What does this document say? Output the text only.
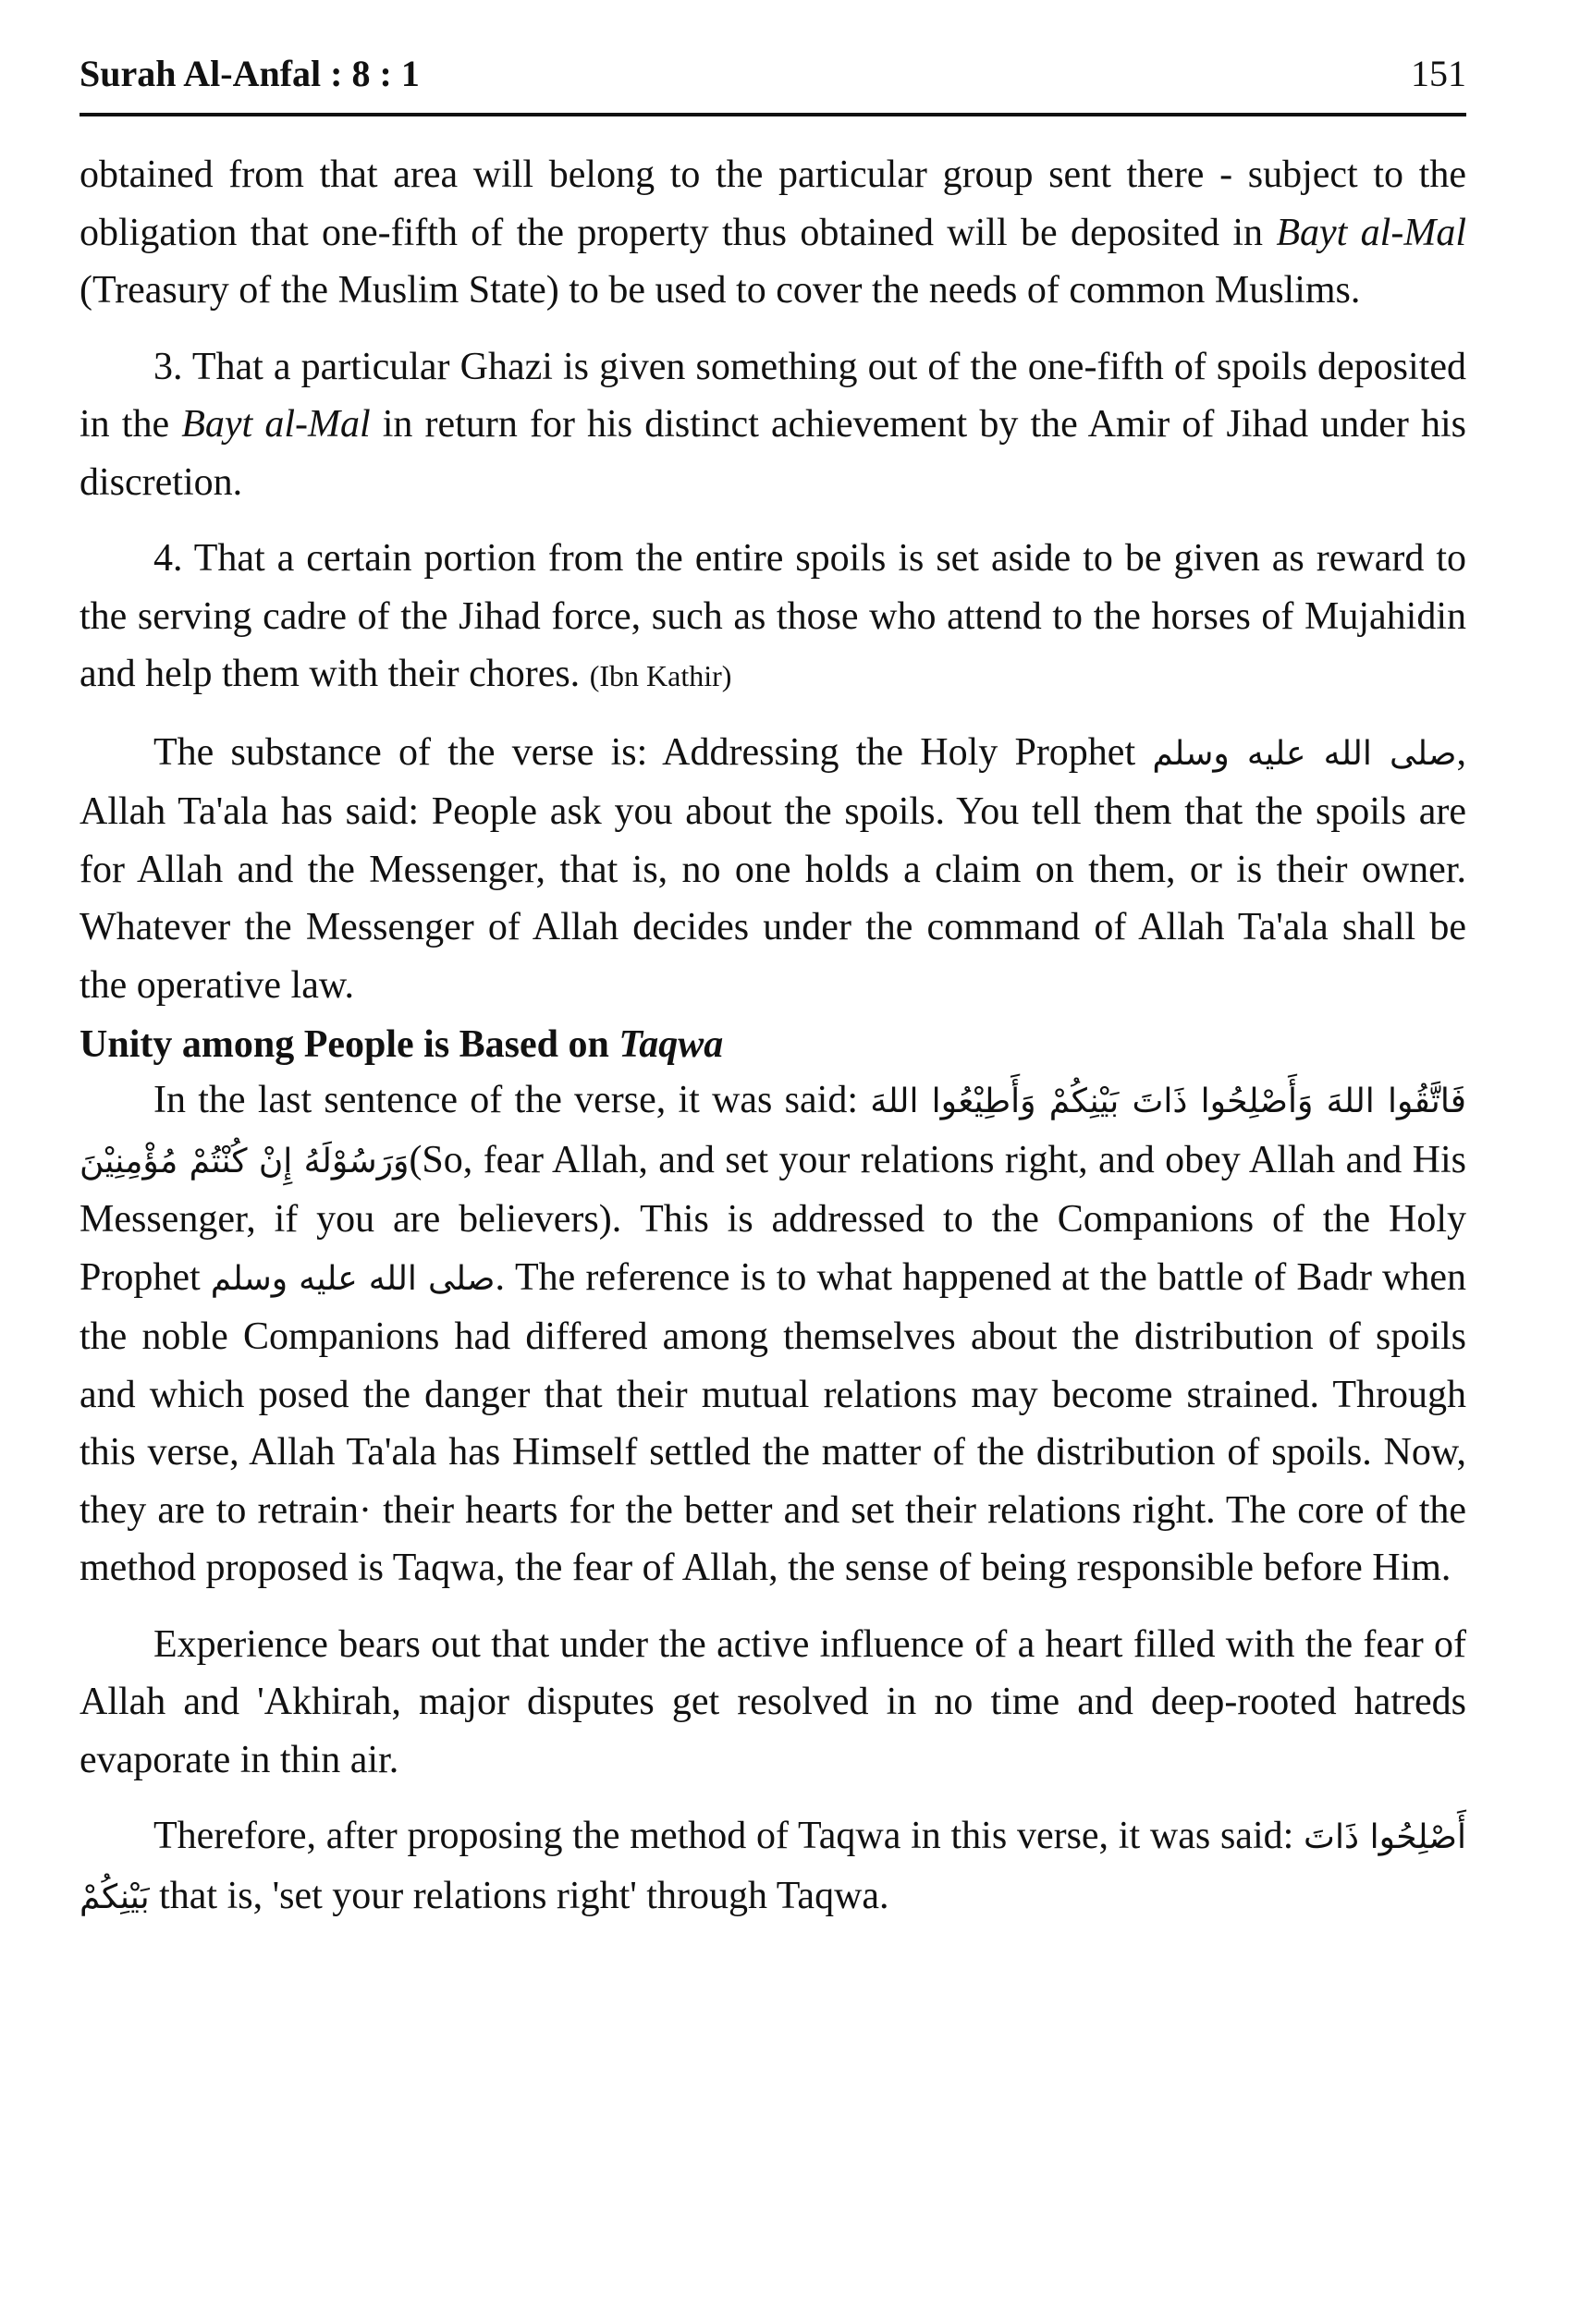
Surah Al-Anfal : 8 : 1	151

obtained from that area will belong to the particular group sent there - subject to the obligation that one-fifth of the property thus obtained will be deposited in Bayt al-Mal (Treasury of the Muslim State) to be used to cover the needs of common Muslims.

3. That a particular Ghazi is given something out of the one-fifth of spoils deposited in the Bayt al-Mal in return for his distinct achievement by the Amir of Jihad under his discretion.

4. That a certain portion from the entire spoils is set aside to be given as reward to the serving cadre of the Jihad force, such as those who attend to the horses of Mujahidin and help them with their chores. (Ibn Kathir)

The substance of the verse is: Addressing the Holy Prophet صلى الله عليه وسلم, Allah Ta'ala has said: People ask you about the spoils. You tell them that the spoils are for Allah and the Messenger, that is, no one holds a claim on them, or is their owner. Whatever the Messenger of Allah decides under the command of Allah Ta'ala shall be the operative law.

Unity among People is Based on Taqwa

In the last sentence of the verse, it was said: فَاتَّقُوا اللهَ وَأَصْلِحُوا ذَاتَ بَيْنِكُمْ وَأَطِيْعُوا اللهَ وَرَسُوْلَهُ إِنْ كُنْتُمْ مُؤْمِنِيْنَ(So, fear Allah, and set your relations right, and obey Allah and His Messenger, if you are believers). This is addressed to the Companions of the Holy Prophet صلى الله عليه وسلم. The reference is to what happened at the battle of Badr when the noble Companions had differed among themselves about the distribution of spoils and which posed the danger that their mutual relations may become strained. Through this verse, Allah Ta'ala has Himself settled the matter of the distribution of spoils. Now, they are to retrain· their hearts for the better and set their relations right. The core of the method proposed is Taqwa, the fear of Allah, the sense of being responsible before Him.

Experience bears out that under the active influence of a heart filled with the fear of Allah and 'Akhirah, major disputes get resolved in no time and deep-rooted hatreds evaporate in thin air.

Therefore, after proposing the method of Taqwa in this verse, it was said: أَصْلِحُوا ذَاتَ بَيْنِكُمْ that is, 'set your relations right' through Taqwa.
